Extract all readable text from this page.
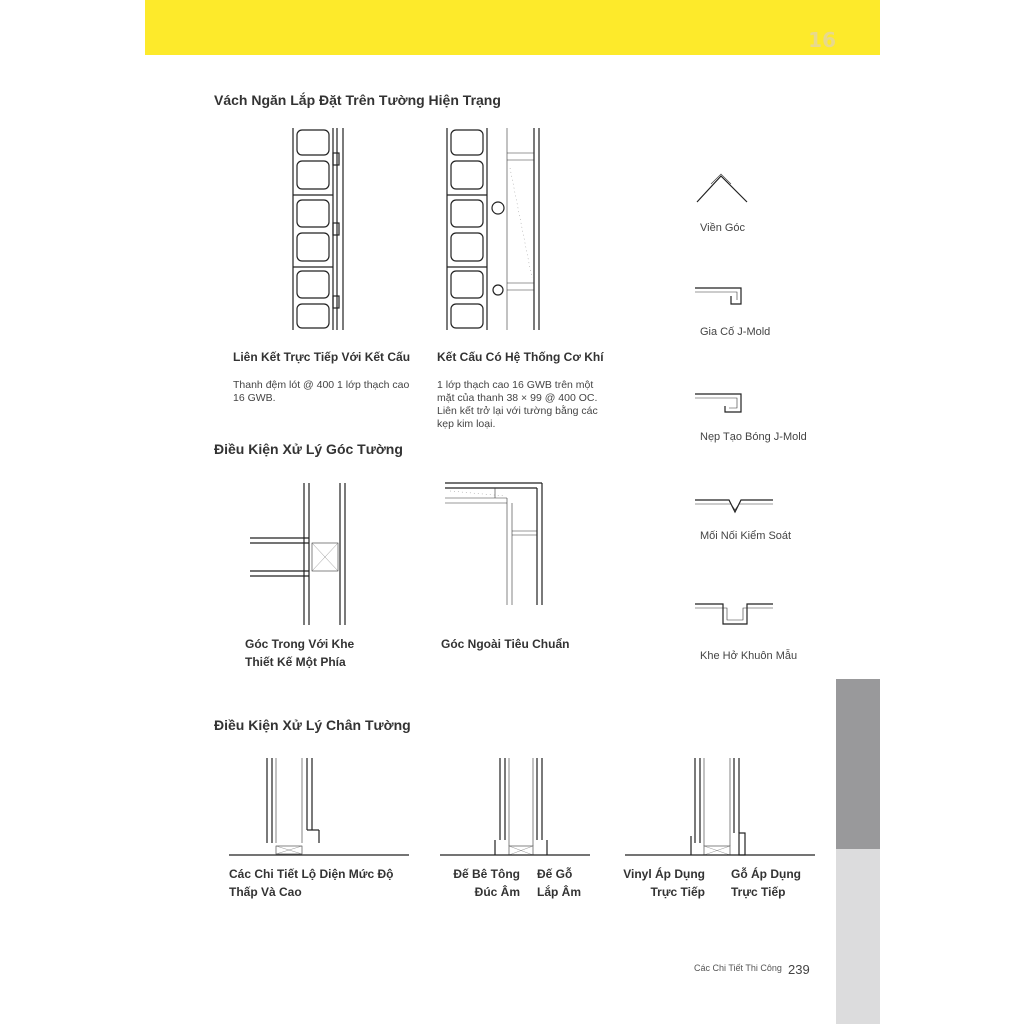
16
Vách Ngăn Lắp Đặt Trên Tường Hiện Trạng
Liên Kết Trực Tiếp Với Kết Cấu
Thanh đệm lót @ 400 1 lớp thạch cao 16 GWB.
Kết Cấu Có Hệ Thống Cơ Khí
1 lớp thạch cao 16 GWB trên một mặt của thanh 38 × 99 @ 400 OC. Liên kết trở lại với tường bằng các kẹp kim loại.
Điều Kiện Xử Lý Góc Tường
Góc Trong Với Khe
Thiết Kế Một Phía
Góc Ngoài Tiêu Chuẩn
Điều Kiện Xử Lý Chân Tường
Các Chi Tiết Lộ Diện Mức Độ
Thấp Và Cao
Đế Bê Tông
Đúc Âm
Đế Gỗ
Lắp Âm
Vinyl Áp Dụng
Trực Tiếp
Gỗ Áp Dụng
Trực Tiếp
Viền Góc
Gia Cố J-Mold
Nẹp Tạo Bóng J-Mold
Mối Nối Kiểm Soát
Khe Hở Khuôn Mẫu
Các Chi Tiết Thi Công 239
